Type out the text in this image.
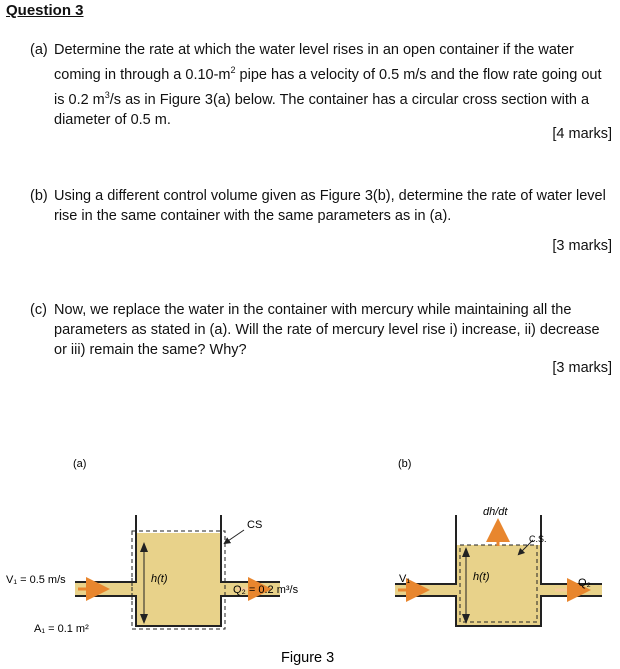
Question 3
(a) Determine the rate at which the water level rises in an open container if the water coming in through a $0.10-m^2$ pipe has a velocity of 0.5 m/s and the flow rate going out is 0.2 $m^3/s$ as in Figure 3(a) below. The container has a circular cross section with a diameter of 0.5 m.
[4 marks]
(b) Using a different control volume given as Figure 3(b), determine the rate of water level rise in the same container with the same parameters as in (a).
[3 marks]
(c) Now, we replace the water in the container with mercury while maintaining all the parameters as stated in (a). Will the rate of mercury level rise i) increase, ii) decrease or iii) remain the same? Why?
[3 marks]
(a)
V₁ = 0.5 m/s
A₁ = 0.1 m²
h(t)
Q₂ = 0.2 m³/s
CS
(b)
dh/dt
C.S.
h(t)
V₁	Q₂
Figure 3
